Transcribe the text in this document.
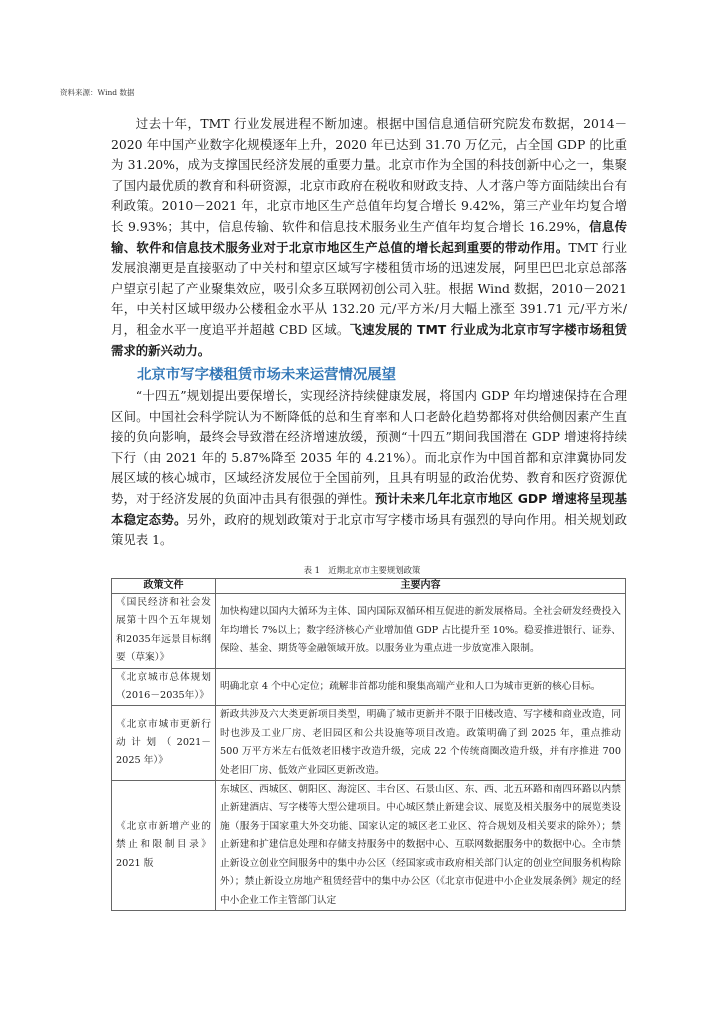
资料来源：Wind 数据

过去十年，TMT 行业发展进程不断加速。根据中国信息通信研究院发布数据，2014－2020 年中国产业数字化规模逐年上升，2020 年已达到 31.70 万亿元，占全国 GDP 的比重为 31.20%，成为支撑国民经济发展的重要力量。北京市作为全国的科技创新中心之一，集聚了国内最优质的教育和科研资源，北京市政府在税收和财政支持、人才落户等方面陆续出台有利政策。2010－2021 年，北京市地区生产总值年均复合增长 9.42%，第三产业年均复合增长 9.93%；其中，信息传输、软件和信息技术服务业生产值年均复合增长 16.29%，信息传输、软件和信息技术服务业对于北京市地区生产总值的增长起到重要的带动作用。TMT 行业发展浪潮更是直接驱动了中关村和望京区域写字楼租赁市场的迅速发展，阿里巴巴北京总部落户望京引起了产业聚集效应，吸引众多互联网初创公司入驻。根据 Wind 数据，2010－2021 年，中关村区域甲级办公楼租金水平从 132.20 元/平方米/月大幅上涨至 391.71 元/平方米/月，租金水平一度追平并超越 CBD 区域。飞速发展的 TMT 行业成为北京市写字楼市场租赁需求的新兴动力。

北京市写字楼租赁市场未来运营情况展望

“十四五”规划提出要保增长，实现经济持续健康发展，将国内 GDP 年均增速保持在合理区间。中国社会科学院认为不断降低的总和生育率和人口老龄化趋势都将对供给侧因素产生直接的负向影响，最终会导致潜在经济增速放缓，预测“十四五”期间我国潜在 GDP 增速将持续下行（由 2021 年的 5.87%降至 2035 年的 4.21%）。而北京作为中国首都和京津冀协同发展区域的核心城市，区域经济发展位于全国前列，且具有明显的政治优势、教育和医疗资源优势，对于经济发展的负面冲击具有很强的弹性。预计未来几年北京市地区 GDP 增速将呈现基本稳定态势。另外，政府的规划政策对于北京市写字楼市场具有强烈的导向作用。相关规划政策见表 1。

表 1　近期北京市主要规划政策
政策文件	主要内容
《国民经济和社会发展第十四个五年规划和2035年远景目标纲要（草案）》	加快构建以国内大循环为主体、国内国际双循环相互促进的新发展格局。全社会研发经费投入年均增长 7%以上；数字经济核心产业增加值 GDP 占比提升至 10%。稳妥推进银行、证券、保险、基金、期货等金融领域开放。以服务业为重点进一步放宽准入限制。
《北京城市总体规划（2016－2035年）》	明确北京 4 个中心定位；疏解非首都功能和聚集高端产业和人口为城市更新的核心目标。
《北京市城市更新行动计划（2021－2025 年）》	新政共涉及六大类更新项目类型，明确了城市更新并不限于旧楼改造、写字楼和商业改造，同时也涉及工业厂房、老旧园区和公共设施等项目改造。政策明确了到 2025 年，重点推动 500 万平方米左右低效老旧楼宇改造升级，完成 22 个传统商圈改造升级，并有序推进 700 处老旧厂房、低效产业园区更新改造。
《北京市新增产业的禁止和限制目录》2021 版	东城区、西城区、朝阳区、海淀区、丰台区、石景山区、东、西、北五环路和南四环路以内禁止新建酒店、写字楼等大型公建项目。中心城区禁止新建会议、展览及相关服务中的展览类设施（服务于国家重大外交功能、国家认定的城区老工业区、符合规划及相关要求的除外）；禁止新建和扩建信息处理和存储支持服务中的数据中心、互联网数据服务中的数据中心。全市禁止新设立创业空间服务中的集中办公区（经国家或市政府相关部门认定的创业空间服务机构除外）；禁止新设立房地产租赁经营中的集中办公区（《北京市促进中小企业发展条例》规定的经中小企业工作主管部门认定
